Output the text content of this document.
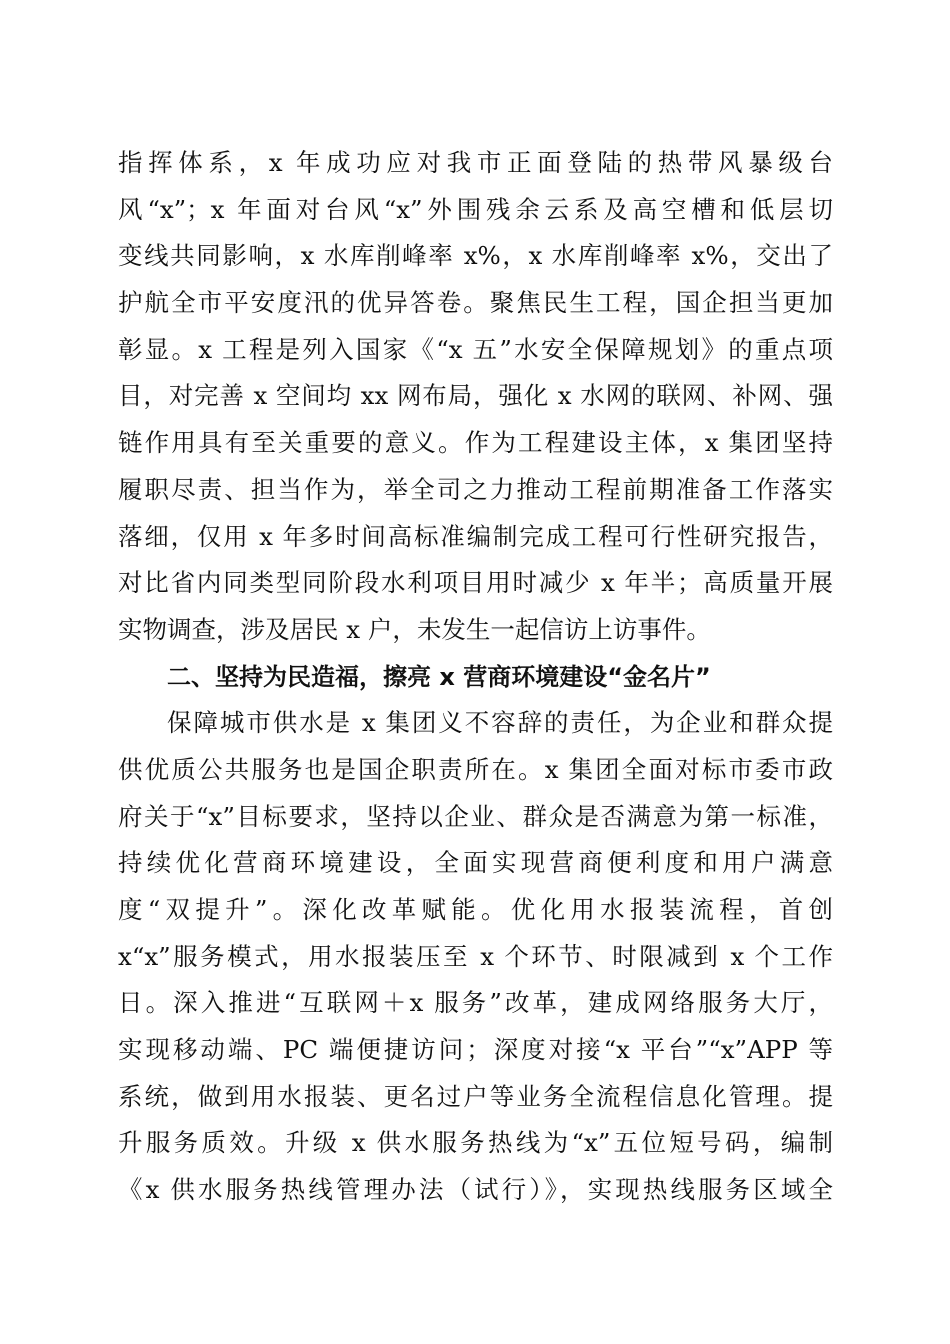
指挥体系，x 年成功应对我市正面登陆的热带风暴级台
风“x”；x 年面对台风“x”外围残余云系及高空槽和低层切
变线共同影响，x 水库削峰率 x%，x 水库削峰率 x%，交出了
护航全市平安度汛的优异答卷。聚焦民生工程，国企担当更加
彰显。x 工程是列入国家《“x 五”水安全保障规划》的重点项
目，对完善 x 空间均 xx 网布局，强化 x 水网的联网、补网、强
链作用具有至关重要的意义。作为工程建设主体，x 集团坚持
履职尽责、担当作为，举全司之力推动工程前期准备工作落实
落细，仅用 x 年多时间高标准编制完成工程可行性研究报告，
对比省内同类型同阶段水利项目用时减少 x 年半；高质量开展
实物调查，涉及居民 x 户，未发生一起信访上访事件。
二、坚持为民造福，擦亮 x 营商环境建设“金名片”
保障城市供水是 x 集团义不容辞的责任，为企业和群众提
供优质公共服务也是国企职责所在。x 集团全面对标市委市政
府关于“x”目标要求，坚持以企业、群众是否满意为第一标准，
持续优化营商环境建设，全面实现营商便利度和用户满意
度“双提升”。深化改革赋能。优化用水报装流程，首创
x“x”服务模式，用水报装压至 x 个环节、时限减到 x 个工作
日。深入推进“互联网＋x 服务”改革，建成网络服务大厅，
实现移动端、PC 端便捷访问；深度对接“x 平台”“x”APP 等
系统，做到用水报装、更名过户等业务全流程信息化管理。提
升服务质效。升级 x 供水服务热线为“x”五位短号码，编制
《x 供水服务热线管理办法（试行）》，实现热线服务区域全
